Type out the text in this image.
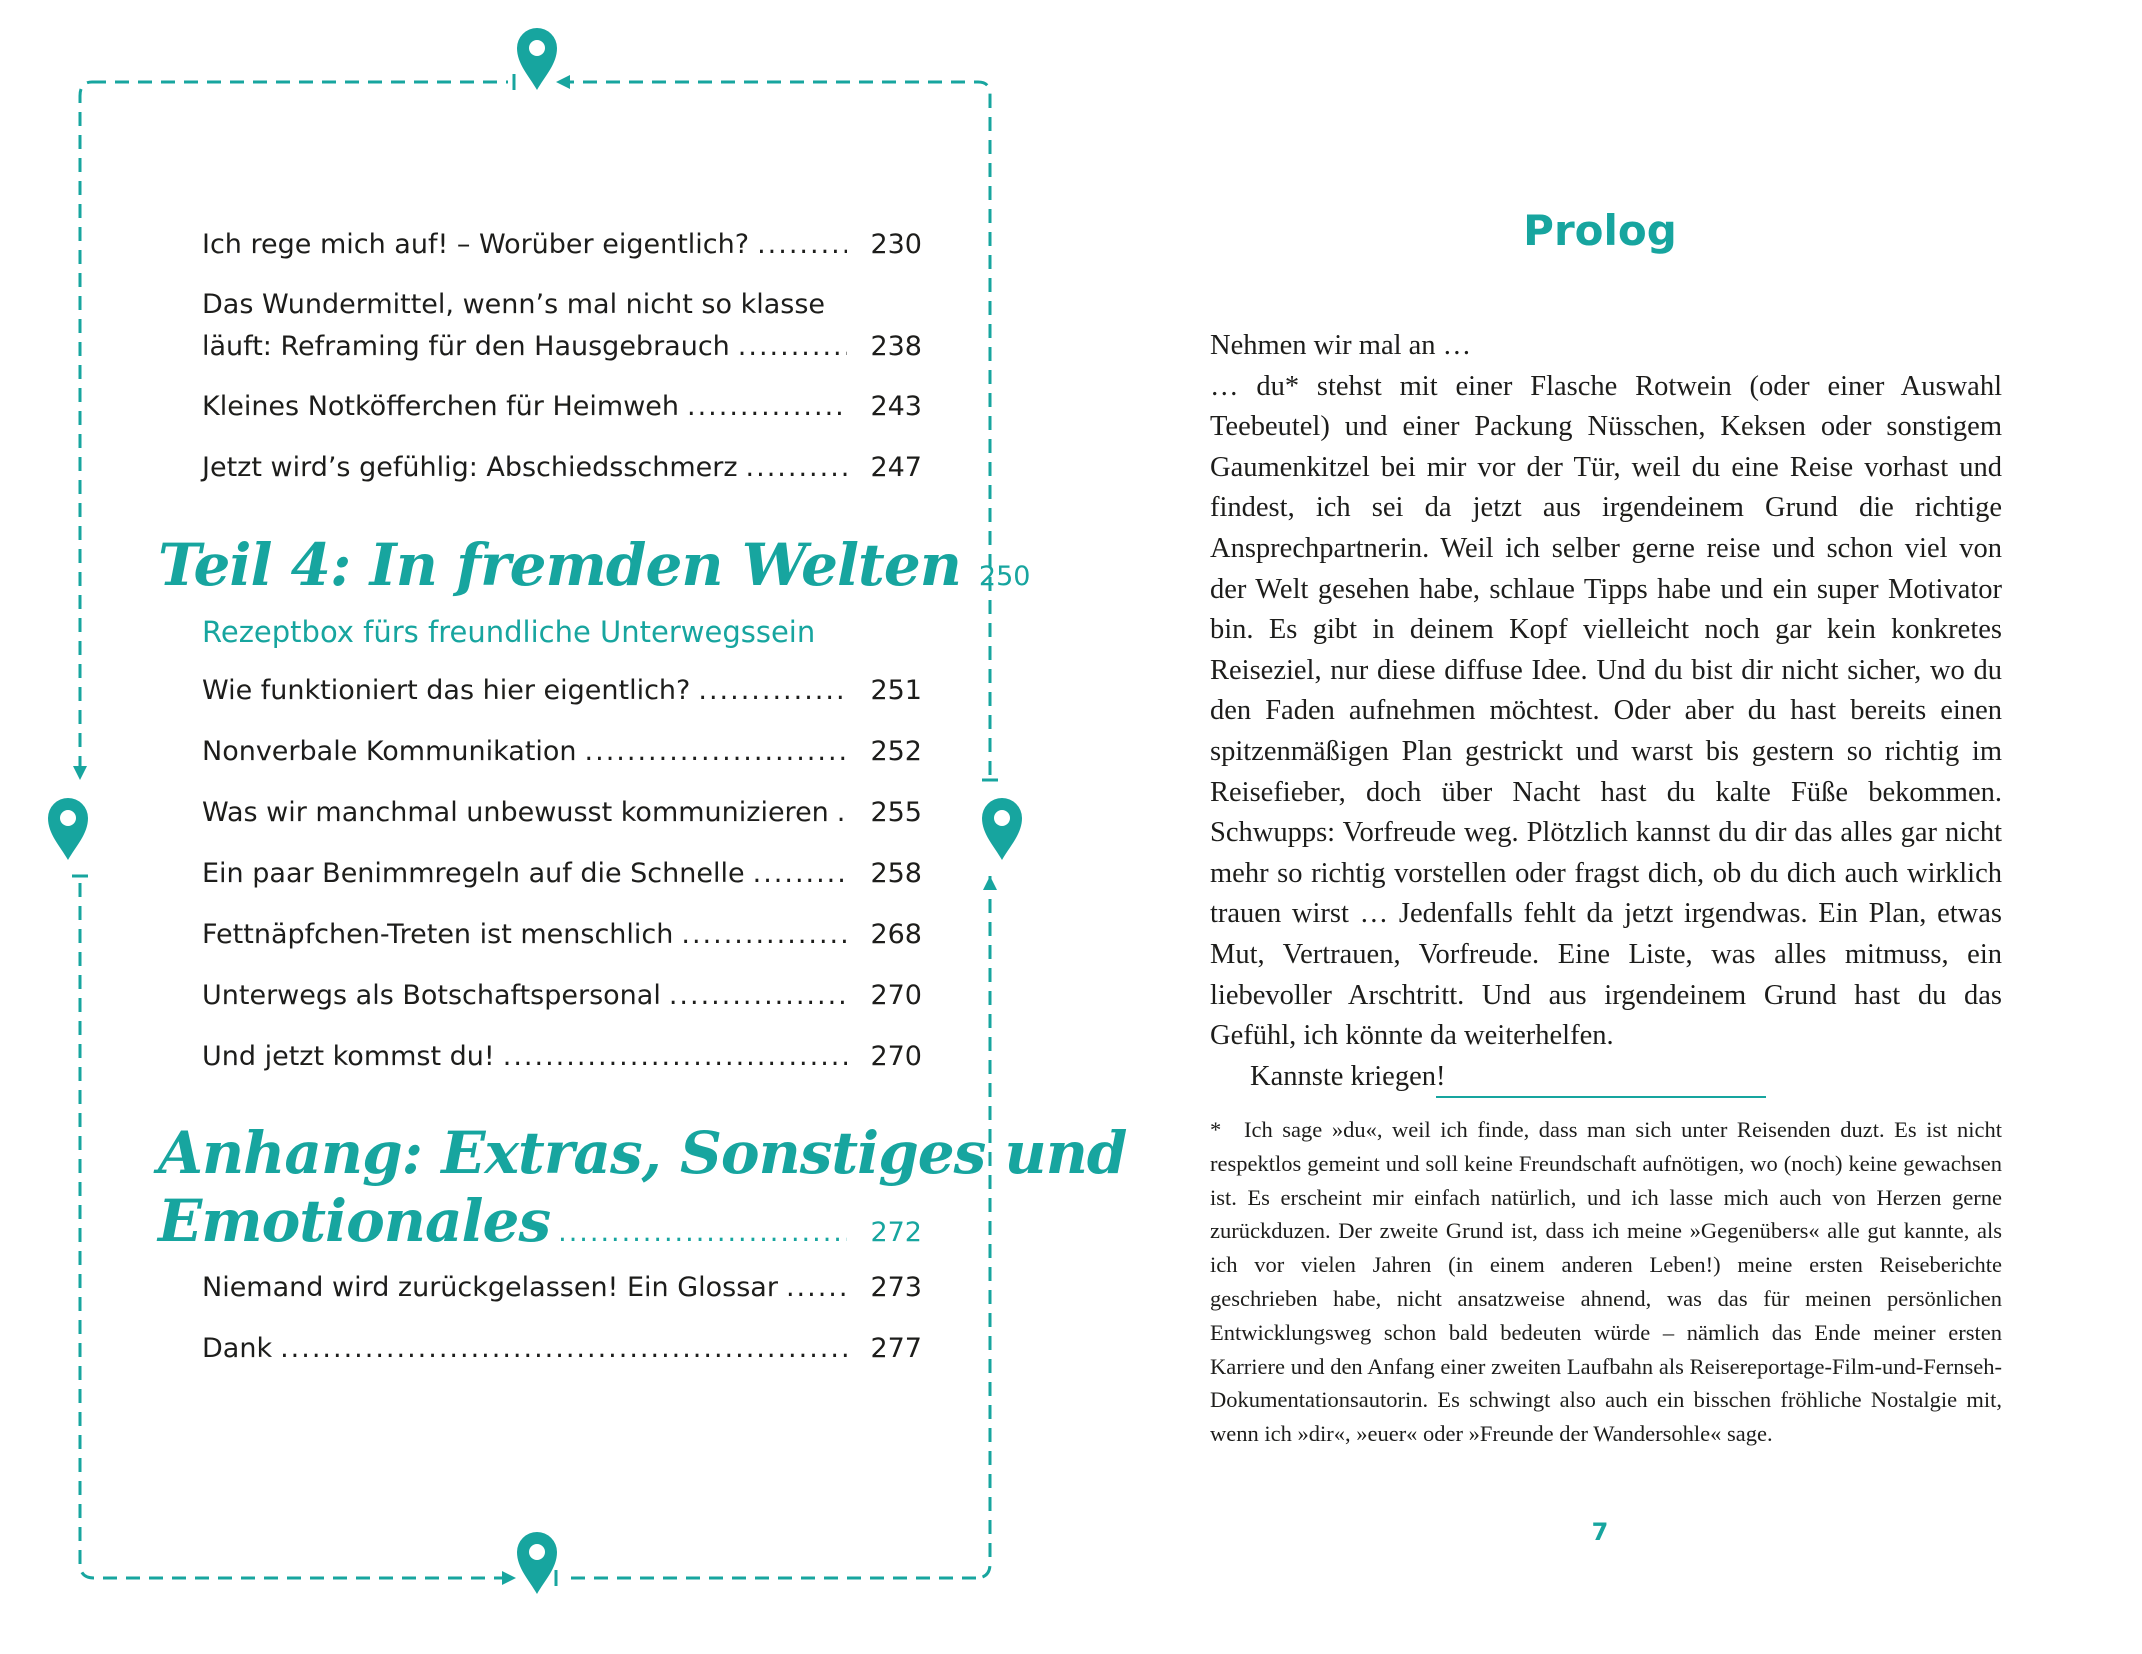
Ich rege mich auf! – Worüber eigentlich? .....	230
Das Wundermittel, wenn’s mal nicht so klasse
läuft: Reframing für den Hausgebrauch .....	238
Kleines Notköfferchen für Heimweh .....	243
Jetzt wird’s gefühlig: Abschiedsschmerz .....	247
Teil 4: In fremden Welten 250
Rezeptbox fürs freundliche Unterwegssein
Wie funktioniert das hier eigentlich? .....	251
Nonverbale Kommunikation .....	252
Was wir manchmal unbewusst kommunizieren .....	255
Ein paar Benimmregeln auf die Schnelle .....	258
Fettnäpfchen-Treten ist menschlich .....	268
Unterwegs als Botschaftspersonal .....	270
Und jetzt kommst du! .....	270
Anhang: Extras, Sonstiges und
Emotionales .....	272
Niemand wird zurückgelassen! Ein Glossar .....	273
Dank .....	277
Prolog

Nehmen wir mal an …

… du* stehst mit einer Flasche Rotwein (oder einer Auswahl Teebeutel) und einer Packung Nüsschen, Keksen oder sonstigem Gaumenkitzel bei mir vor der Tür, weil du eine Reise vorhast und findest, ich sei da jetzt aus irgendeinem Grund die richtige Ansprechpartnerin. Weil ich selber gerne reise und schon viel von der Welt gesehen habe, schlaue Tipps habe und ein super Motivator bin. Es gibt in deinem Kopf vielleicht noch gar kein konkretes Reiseziel, nur diese diffuse Idee. Und du bist dir nicht sicher, wo du den Faden aufnehmen möchtest. Oder aber du hast bereits einen spitzenmäßigen Plan gestrickt und warst bis gestern so richtig im Reisefieber, doch über Nacht hast du kalte Füße bekommen. Schwupps: Vorfreude weg. Plötzlich kannst du dir das alles gar nicht mehr so richtig vorstellen oder fragst dich, ob du dich auch wirklich trauen wirst … Jedenfalls fehlt da jetzt irgendwas. Ein Plan, etwas Mut, Vertrauen, Vorfreude. Eine Liste, was alles mitmuss, ein liebevoller Arschtritt. Und aus irgendeinem Grund hast du das Gefühl, ich könnte da weiterhelfen.

Kannste kriegen!

* Ich sage »du«, weil ich finde, dass man sich unter Reisenden duzt. Es ist nicht respektlos gemeint und soll keine Freundschaft aufnötigen, wo (noch) keine gewachsen ist. Es erscheint mir einfach natürlich, und ich lasse mich auch von Herzen gerne zurückduzen. Der zweite Grund ist, dass ich meine »Gegenübers« alle gut kannte, als ich vor vielen Jahren (in einem anderen Leben!) meine ersten Reiseberichte geschrieben habe, nicht ansatzweise ahnend, was das für meinen persönlichen Entwicklungsweg schon bald bedeuten würde – nämlich das Ende meiner ersten Karriere und den Anfang einer zweiten Laufbahn als Reisereportage-Film-und-Fernseh-Dokumentationsautorin. Es schwingt also auch ein bisschen fröhliche Nostalgie mit, wenn ich »dir«, »euer« oder »Freunde der Wandersohle« sage.

7
